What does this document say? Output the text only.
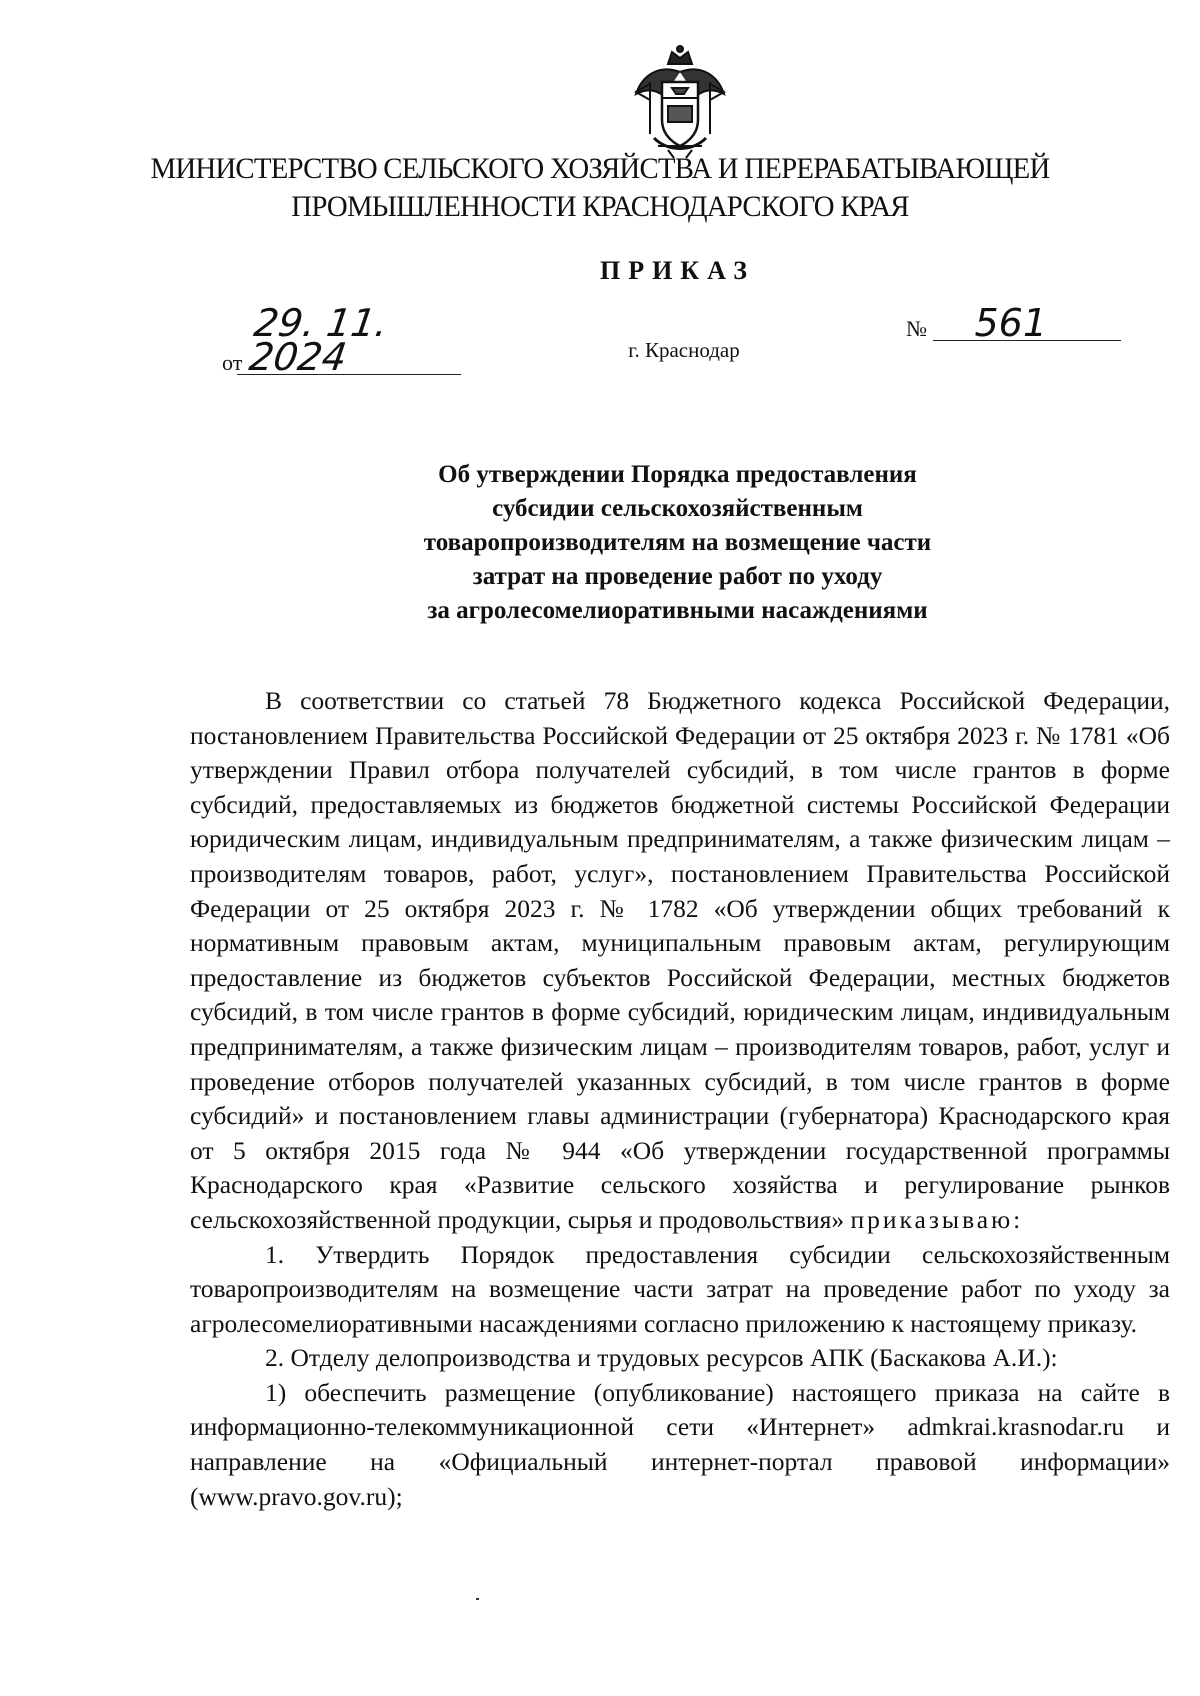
МИНИСТЕРСТВО СЕЛЬСКОГО ХОЗЯЙСТВА И ПЕРЕРАБАТЫВАЮЩЕЙ
ПРОМЫШЛЕННОСТИ КРАСНОДАРСКОГО КРАЯ
ПРИКАЗ
от29. 11. 2024
№ 561
г. Краснодар
Об утверждении Порядка предоставления
субсидии сельскохозяйственным
товаропроизводителям на возмещение части
затрат на проведение работ по уходу
за агролесомелиоративными насаждениями

В соответствии со статьей 78 Бюджетного кодекса Российской Федерации, постановлением Правительства Российской Федерации от 25 октября 2023 г. № 1781 «Об утверждении Правил отбора получателей субсидий, в том числе грантов в форме субсидий, предоставляемых из бюджетов бюджетной системы Российской Федерации юридическим лицам, индивидуальным предпринимателям, а также физическим лицам – производителям товаров, работ, услуг», постановлением Правительства Российской Федерации от 25 октября 2023 г. № 1782 «Об утверждении общих требований к нормативным правовым актам, муниципальным правовым актам, регулирующим предоставление из бюджетов субъектов Российской Федерации, местных бюджетов субсидий, в том числе грантов в форме субсидий, юридическим лицам, индивидуальным предпринимателям, а также физическим лицам – производителям товаров, работ, услуг и проведение отборов получателей указанных субсидий, в том числе грантов в форме субсидий» и постановлением главы администрации (губернатора) Краснодарского края от 5 октября 2015 года № 944 «Об утверждении государственной программы Краснодарского края «Развитие сельского хозяйства и регулирование рынков сельскохозяйственной продукции, сырья и продовольствия» приказываю:

1. Утвердить Порядок предоставления субсидии сельскохозяйственным товаропроизводителям на возмещение части затрат на проведение работ по уходу за агролесомелиоративными насаждениями согласно приложению к настоящему приказу.

2. Отделу делопроизводства и трудовых ресурсов АПК (Баскакова А.И.):

1) обеспечить размещение (опубликование) настоящего приказа на сайте в информационно-телекоммуникационной сети «Интернет» admkrai.krasnodar.ru и направление на «Официальный интернет-портал правовой информации» (www.pravo.gov.ru);
